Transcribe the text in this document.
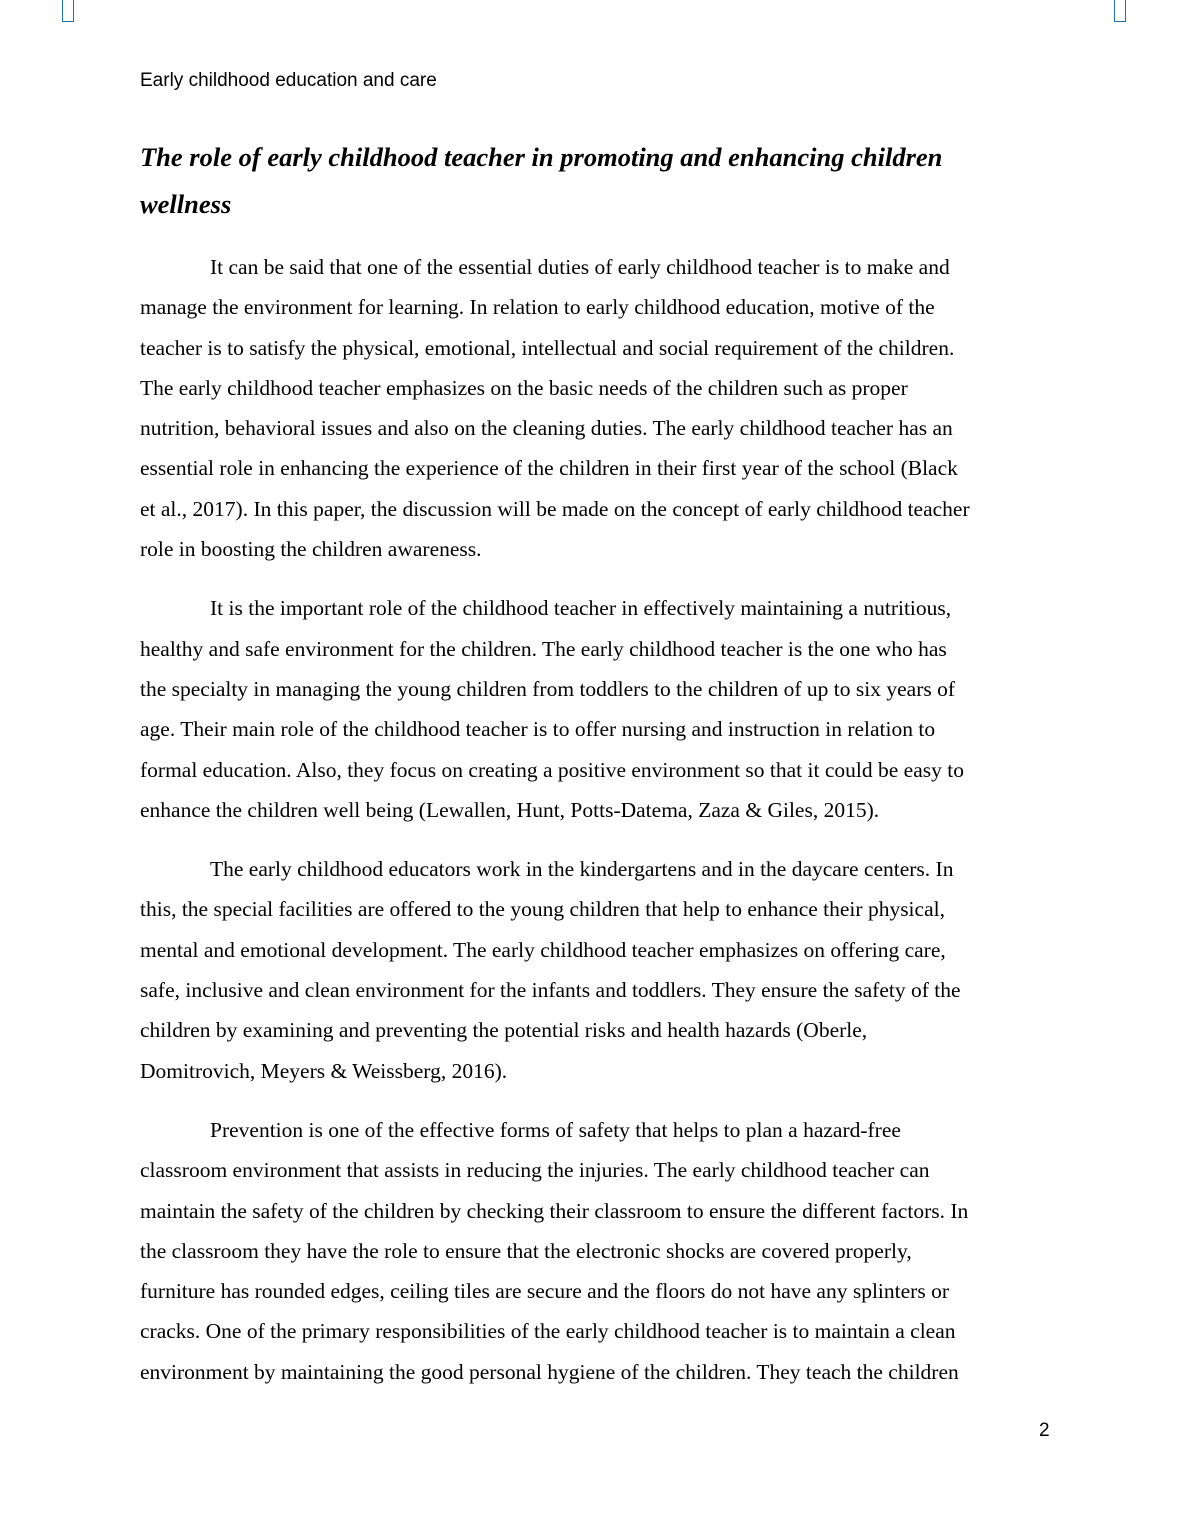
Early childhood education and care
The role of early childhood teacher in promoting and enhancing children
wellness

It can be said that one of the essential duties of early childhood teacher is to make and
manage the environment for learning. In relation to early childhood education, motive of the
teacher is to satisfy the physical, emotional, intellectual and social requirement of the children.
The early childhood teacher emphasizes on the basic needs of the children such as proper
nutrition, behavioral issues and also on the cleaning duties. The early childhood teacher has an
essential role in enhancing the experience of the children in their first year of the school (Black
et al., 2017). In this paper, the discussion will be made on the concept of early childhood teacher
role in boosting the children awareness.

It is the important role of the childhood teacher in effectively maintaining a nutritious,
healthy and safe environment for the children. The early childhood teacher is the one who has
the specialty in managing the young children from toddlers to the children of up to six years of
age. Their main role of the childhood teacher is to offer nursing and instruction in relation to
formal education. Also, they focus on creating a positive environment so that it could be easy to
enhance the children well being (Lewallen, Hunt, Potts-Datema, Zaza & Giles, 2015).

The early childhood educators work in the kindergartens and in the daycare centers. In
this, the special facilities are offered to the young children that help to enhance their physical,
mental and emotional development. The early childhood teacher emphasizes on offering care,
safe, inclusive and clean environment for the infants and toddlers. They ensure the safety of the
children by examining and preventing the potential risks and health hazards (Oberle,
Domitrovich, Meyers & Weissberg, 2016).

Prevention is one of the effective forms of safety that helps to plan a hazard-free
classroom environment that assists in reducing the injuries. The early childhood teacher can
maintain the safety of the children by checking their classroom to ensure the different factors. In
the classroom they have the role to ensure that the electronic shocks are covered properly,
furniture has rounded edges, ceiling tiles are secure and the floors do not have any splinters or
cracks. One of the primary responsibilities of the early childhood teacher is to maintain a clean
environment by maintaining the good personal hygiene of the children. They teach the children

2
